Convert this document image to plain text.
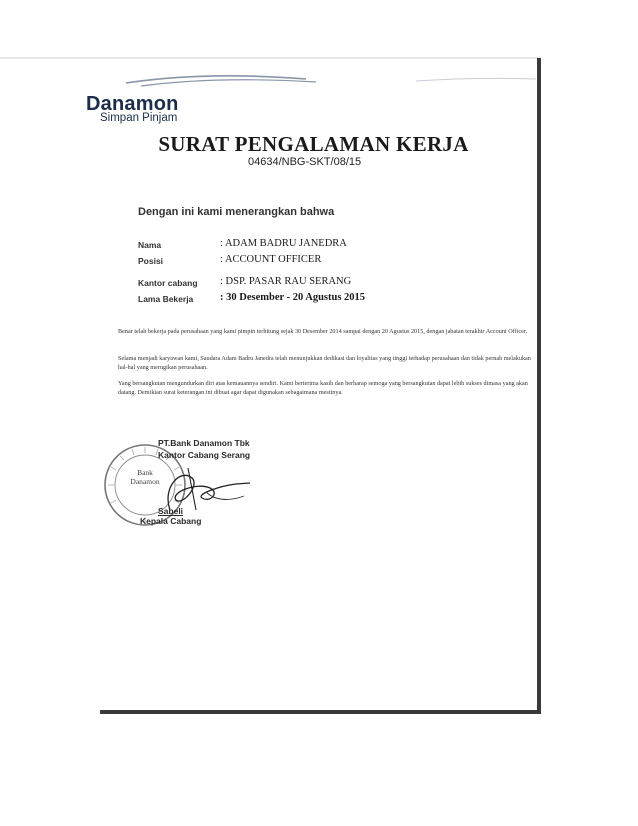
Danamon
Simpan Pinjam
SURAT PENGALAMAN KERJA
04634/NBG-SKT/08/15
Dengan ini kami menerangkan bahwa
Nama	: ADAM BADRU JANEDRA
Posisi	: ACCOUNT OFFICER
Kantor cabang : DSP. PASAR RAU SERANG
Lama Bekerja	: 30 Desember - 20 Agustus 2015
Benar telah bekerja pada perusahaan yang kami pimpin terhitung sejak 30 Desember 2014 sampai dengan 20 Agustus 2015, dengan jabatan terakhir Account Officer.
Selama menjadi karyawan kami, Saudara Adam Badru Janedra telah menunjukkan dedikasi dan loyalitas yang tinggi terhadap perusahaan dan tidak pernah melakukan hal-hal yang merugikan perusahaan.
Yang bersangkutan mengundurkan diri atas kemauannya sendiri. Kami berterima kasih dan berharap semoga yang bersangkutan dapat lebih sukses dimasa yang akan datang. Demikian surat keterangan ini dibuat agar dapat digunakan sebagaimana mestinya.
Bank
Danamon
PT.Bank Danamon Tbk
Kantor Cabang Serang
Sabeli
Kepala Cabang
